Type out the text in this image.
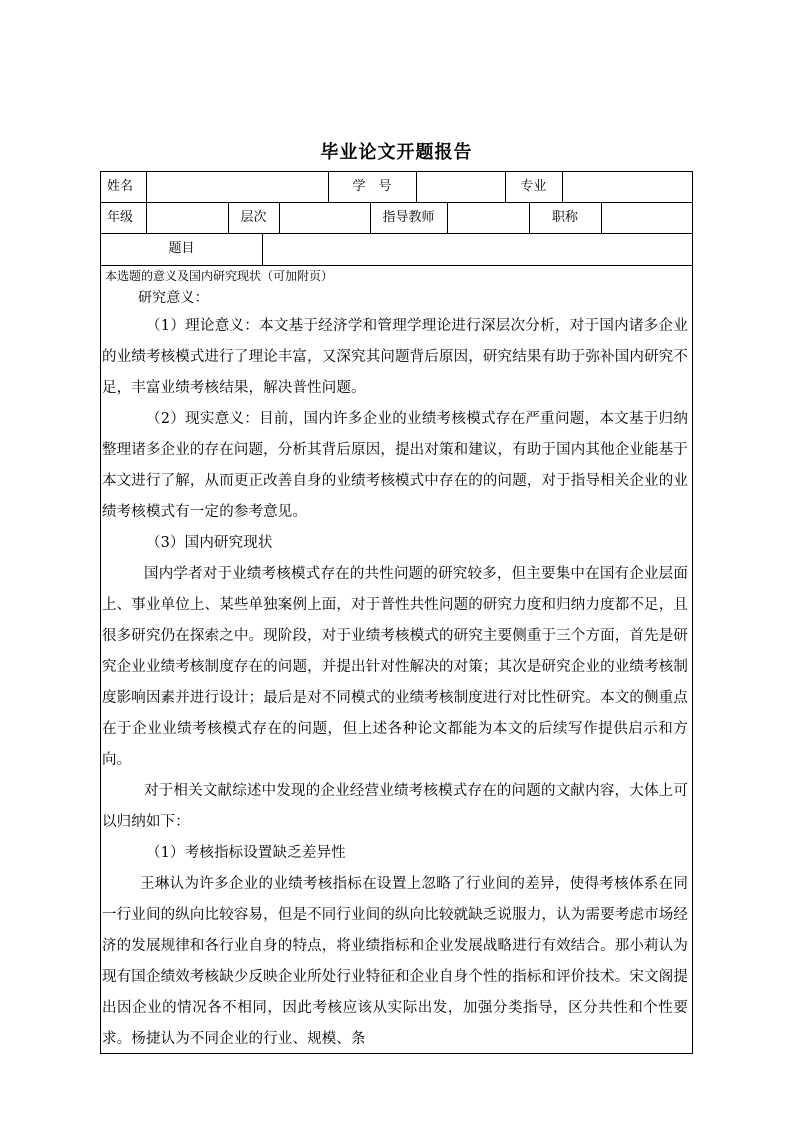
毕业论文开题报告
姓名	学　号	专业
年级	层次	指导教师	职称
题目
本选题的意义及国内研究现状（可加附页）

研究意义：

（1）理论意义：本文基于经济学和管理学理论进行深层次分析，对于国内诸多企业的业绩考核模式进行了理论丰富，又深究其问题背后原因，研究结果有助于弥补国内研究不足，丰富业绩考核结果，解决普性问题。

（2）现实意义：目前，国内许多企业的业绩考核模式存在严重问题，本文基于归纳整理诸多企业的存在问题，分析其背后原因，提出对策和建议，有助于国内其他企业能基于本文进行了解，从而更正改善自身的业绩考核模式中存在的的问题，对于指导相关企业的业绩考核模式有一定的参考意见。

（3）国内研究现状

国内学者对于业绩考核模式存在的共性问题的研究较多，但主要集中在国有企业层面上、事业单位上、某些单独案例上面，对于普性共性问题的研究力度和归纳力度都不足，且很多研究仍在探索之中。现阶段，对于业绩考核模式的研究主要侧重于三个方面，首先是研究企业业绩考核制度存在的问题，并提出针对性解决的对策；其次是研究企业的业绩考核制度影响因素并进行设计；最后是对不同模式的业绩考核制度进行对比性研究。本文的侧重点在于企业业绩考核模式存在的问题，但上述各种论文都能为本文的后续写作提供启示和方向。

对于相关文献综述中发现的企业经营业绩考核模式存在的问题的文献内容，大体上可以归纳如下：

（1）考核指标设置缺乏差异性

王琳认为许多企业的业绩考核指标在设置上忽略了行业间的差异，使得考核体系在同一行业间的纵向比较容易，但是不同行业间的纵向比较就缺乏说服力，认为需要考虑市场经济的发展规律和各行业自身的特点，将业绩指标和企业发展战略进行有效结合。那小莉认为现有国企绩效考核缺少反映企业所处行业特征和企业自身个性的指标和评价技术。宋文阁提出因企业的情况各不相同，因此考核应该从实际出发，加强分类指导，区分共性和个性要求。杨捷认为不同企业的行业、规模、条
